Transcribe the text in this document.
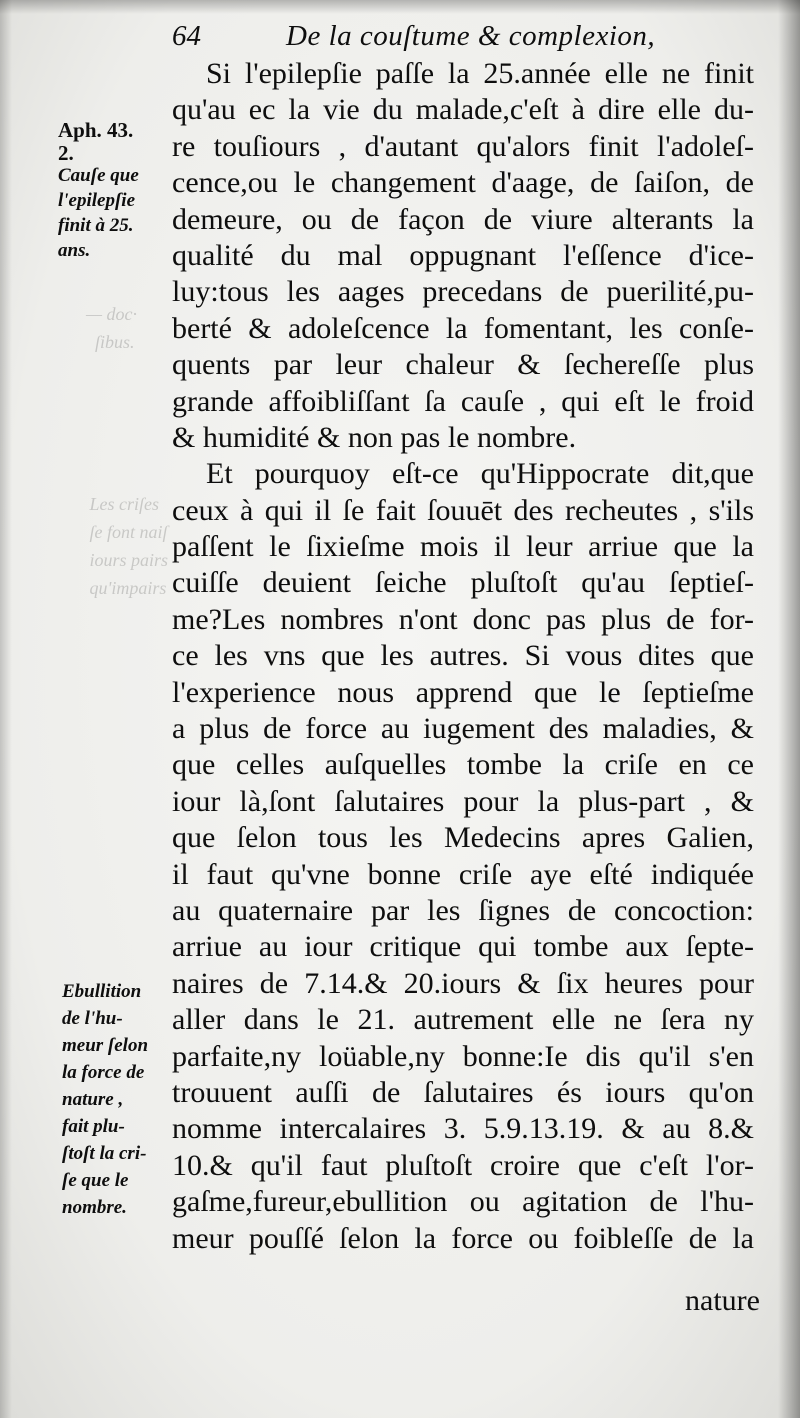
— doc·
ſibus.
Les criſes
ſe font naiſ
iours pairs
qu'impairs
64	De la couſtume & complexion,
Aph. 43.
2.
Cauſe que
l'epilepſie
finit à 25.
ans.
Ebullition
de l'hu-
meur ſelon
la force de
nature ,
fait plu-
ſtoſt la cri-
ſe que le
nombre.
Si l'epilepſie paſſe la 25.année elle ne finit
qu'au ec la vie du malade,c'eſt à dire elle du-
re touſiours , d'autant qu'alors finit l'adoleſ-
cence,ou le changement d'aage, de ſaiſon, de
demeure, ou de façon de viure alterants la
qualité du mal oppugnant l'eſſence d'ice-
luy:tous les aages precedans de puerilité,pu-
berté & adoleſcence la fomentant, les conſe-
quents par leur chaleur & ſechereſſe plus
grande affoibliſſant ſa cauſe , qui eſt le froid
& humidité & non pas le nombre.
Et pourquoy eſt-ce qu'Hippocrate dit,que
ceux à qui il ſe fait ſouuēt des recheutes , s'ils
paſſent le ſixieſme mois il leur arriue que la
cuiſſe deuient ſeiche pluſtoſt qu'au ſeptieſ-
me?Les nombres n'ont donc pas plus de for-
ce les vns que les autres. Si vous dites que
l'experience nous apprend que le ſeptieſme
a plus de force au iugement des maladies, &
que celles auſquelles tombe la criſe en ce
iour là,ſont ſalutaires pour la plus-part , &
que ſelon tous les Medecins apres Galien,
il faut qu'vne bonne criſe aye eſté indiquée
au quaternaire par les ſignes de concoction:
arriue au iour critique qui tombe aux ſepte-
naires de 7.14.& 20.iours & ſix heures pour
aller dans le 21. autrement elle ne ſera ny
parfaite,ny loüable,ny bonne:Ie dis qu'il s'en
trouuent auſſi de ſalutaires és iours qu'on
nomme intercalaires 3. 5.9.13.19. & au 8.&
10.& qu'il faut pluſtoſt croire que c'eſt l'or-
gaſme,fureur,ebullition ou agitation de l'hu-
meur pouſſé ſelon la force ou foibleſſe de la
nature
